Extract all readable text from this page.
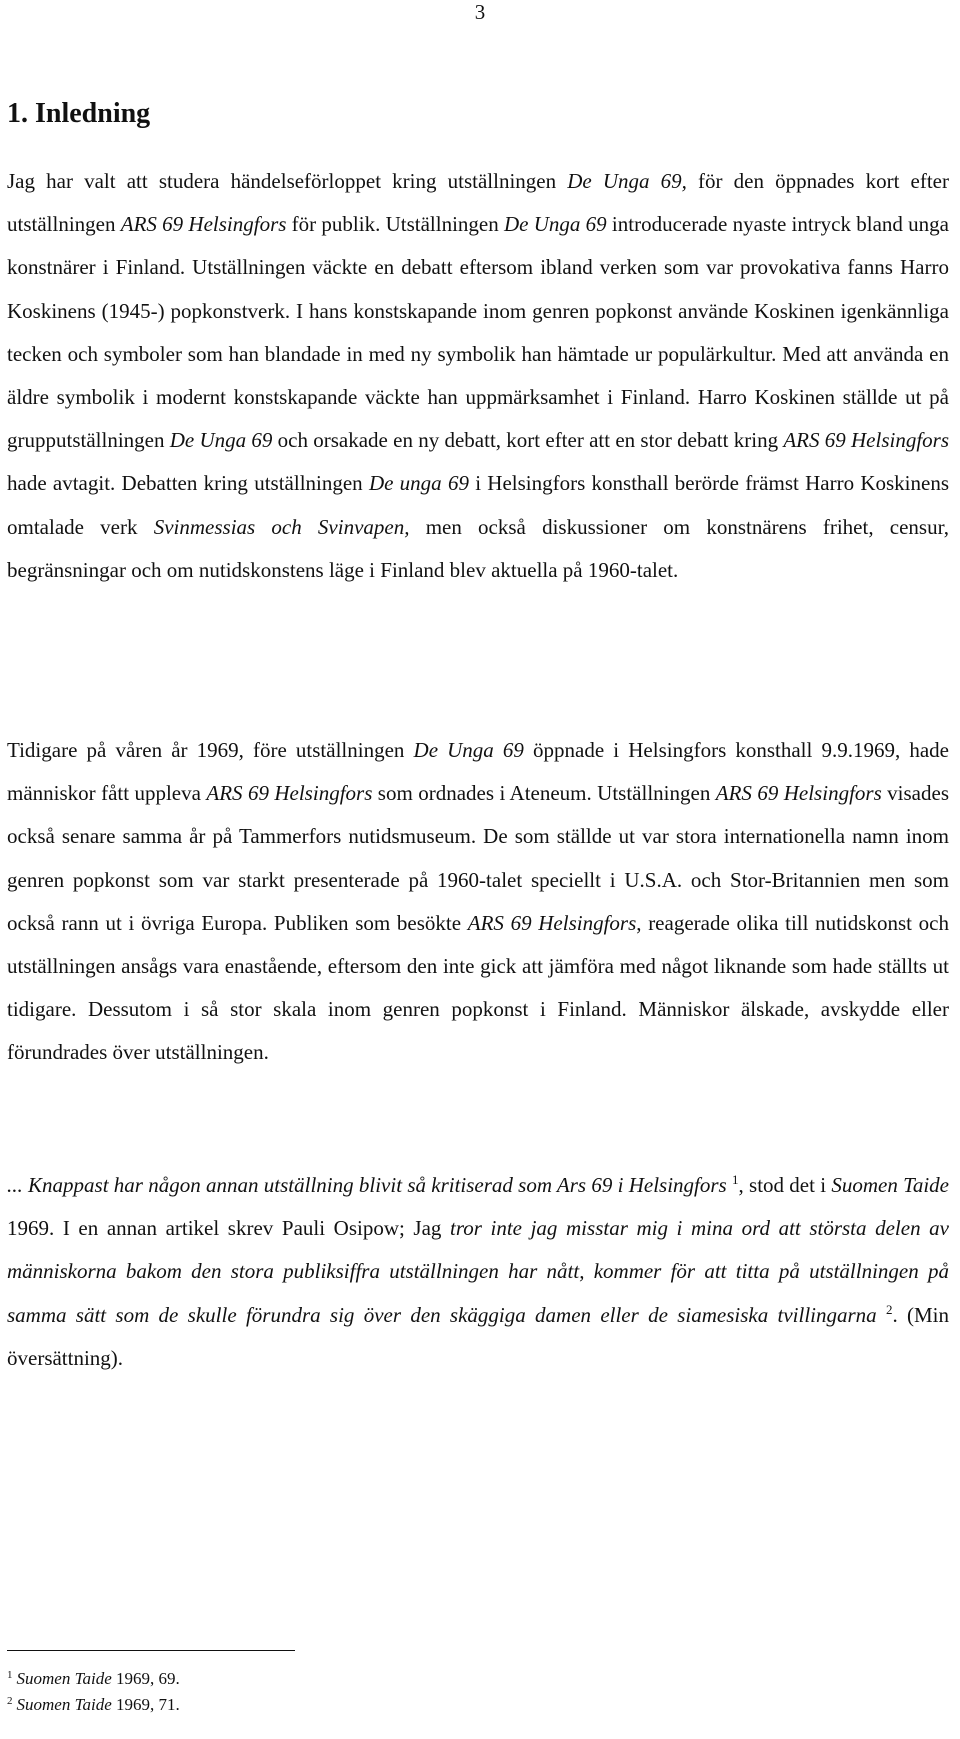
3
1. Inledning

Jag har valt att studera händelseförloppet kring utställningen De Unga 69, för den öppnades kort efter utställningen ARS 69 Helsingfors för publik. Utställningen De Unga 69 introducerade nyaste intryck bland unga konstnärer i Finland. Utställningen väckte en debatt eftersom ibland verken som var provokativa fanns Harro Koskinens (1945-) popkonstverk. I hans konstskapande inom genren popkonst använde Koskinen igenkännliga tecken och symboler som han blandade in med ny symbolik han hämtade ur populärkultur. Med att använda en äldre symbolik i modernt konstskapande väckte han uppmärksamhet i Finland. Harro Koskinen ställde ut på grupputställningen De Unga 69 och orsakade en ny debatt, kort efter att en stor debatt kring ARS 69 Helsingfors hade avtagit. Debatten kring utställningen De unga 69 i Helsingfors konsthall berörde främst Harro Koskinens omtalade verk Svinmessias och Svinvapen, men också diskussioner om konstnärens frihet, censur, begränsningar och om nutidskonstens läge i Finland blev aktuella på 1960-talet.

Tidigare på våren år 1969, före utställningen De Unga 69 öppnade i Helsingfors konsthall 9.9.1969, hade människor fått uppleva ARS 69 Helsingfors som ordnades i Ateneum. Utställningen ARS 69 Helsingfors visades också senare samma år på Tammerfors nutidsmuseum. De som ställde ut var stora internationella namn inom genren popkonst som var starkt presenterade på 1960-talet speciellt i U.S.A. och Stor-Britannien men som också rann ut i övriga Europa. Publiken som besökte ARS 69 Helsingfors, reagerade olika till nutidskonst och utställningen ansågs vara enastående, eftersom den inte gick att jämföra med något liknande som hade ställts ut tidigare. Dessutom i så stor skala inom genren popkonst i Finland. Människor älskade, avskydde eller förundrades över utställningen.

... Knappast har någon annan utställning blivit så kritiserad som Ars 69 i Helsingfors $^1$, stod det i Suomen Taide 1969. I en annan artikel skrev Pauli Osipow; Jag tror inte jag misstar mig i mina ord att största delen av människorna bakom den stora publiksiffra utställningen har nått, kommer för att titta på utställningen på samma sätt som de skulle förundra sig över den skäggiga damen eller de siamesiska tvillingarna $^2$. (Min översättning).

$^1$ Suomen Taide 1969, 69.
$^2$ Suomen Taide 1969, 71.
